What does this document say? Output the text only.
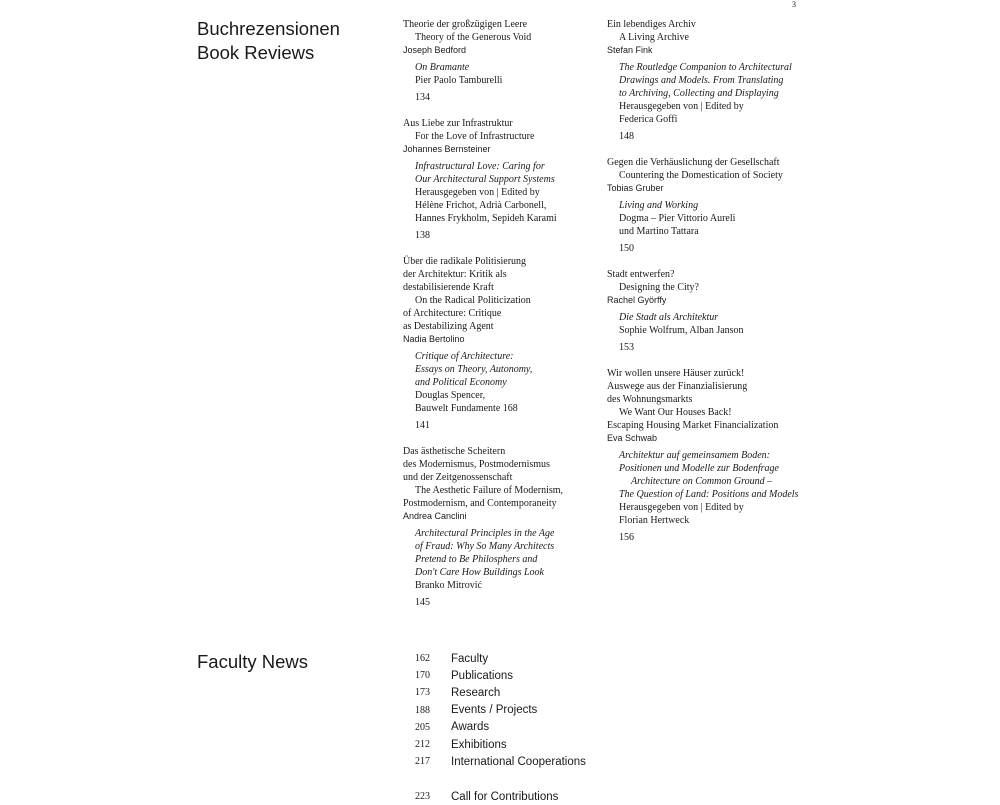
3
Buchrezensionen
Book Reviews
Theorie der großzügigen Leere
Theory of the Generous Void
Joseph Bedford
On Bramante
Pier Paolo Tamburelli
134
Aus Liebe zur Infrastruktur
For the Love of Infrastructure
Johannes Bernsteiner
Infrastructural Love: Caring for
Our Architectural Support Systems
Herausgegeben von | Edited by
Hélène Frichot, Adrià Carbonell,
Hannes Frykholm, Sepideh Karami
138
Über die radikale Politisierung
der Architektur: Kritik als
destabilisierende Kraft
On the Radical Politicization
of Architecture: Critique
as Destabilizing Agent
Nadia Bertolino
Critique of Architecture:
Essays on Theory, Autonomy,
and Political Economy
Douglas Spencer,
Bauwelt Fundamente 168
141
Das ästhetische Scheitern
des Modernismus, Postmodernismus
und der Zeitgenossenschaft
The Aesthetic Failure of Modernism,
Postmodernism, and Contemporaneity
Andrea Canclini
Architectural Principles in the Age
of Fraud: Why So Many Architects
Pretend to Be Philosphers and
Don't Care How Buildings Look
Branko Mitrović
145
Ein lebendiges Archiv
A Living Archive
Stefan Fink
The Routledge Companion to Architectural
Drawings and Models. From Translating
to Archiving, Collecting and Displaying
Herausgegeben von | Edited by
Federica Goffi
148
Gegen die Verhäuslichung der Gesellschaft
Countering the Domestication of Society
Tobias Gruber
Living and Working
Dogma – Pier Vittorio Aureli
und Martino Tattara
150
Stadt entwerfen?
Designing the City?
Rachel Györffy
Die Stadt als Architektur
Sophie Wolfrum, Alban Janson
153
Wir wollen unsere Häuser zurück!
Auswege aus der Finanzialisierung
des Wohnungsmarkts
We Want Our Houses Back!
Escaping Housing Market Financialization
Eva Schwab
Architektur auf gemeinsamem Boden:
Positionen und Modelle zur Bodenfrage
Architecture on Common Ground –
The Question of Land: Positions and Models
Herausgegeben von | Edited by
Florian Hertweck
156
Faculty News	162	Faculty
170	Publications
173	Research
188	Events / Projects
205	Awards
212	Exhibitions
217	International Cooperations
223	Call for Contributions
